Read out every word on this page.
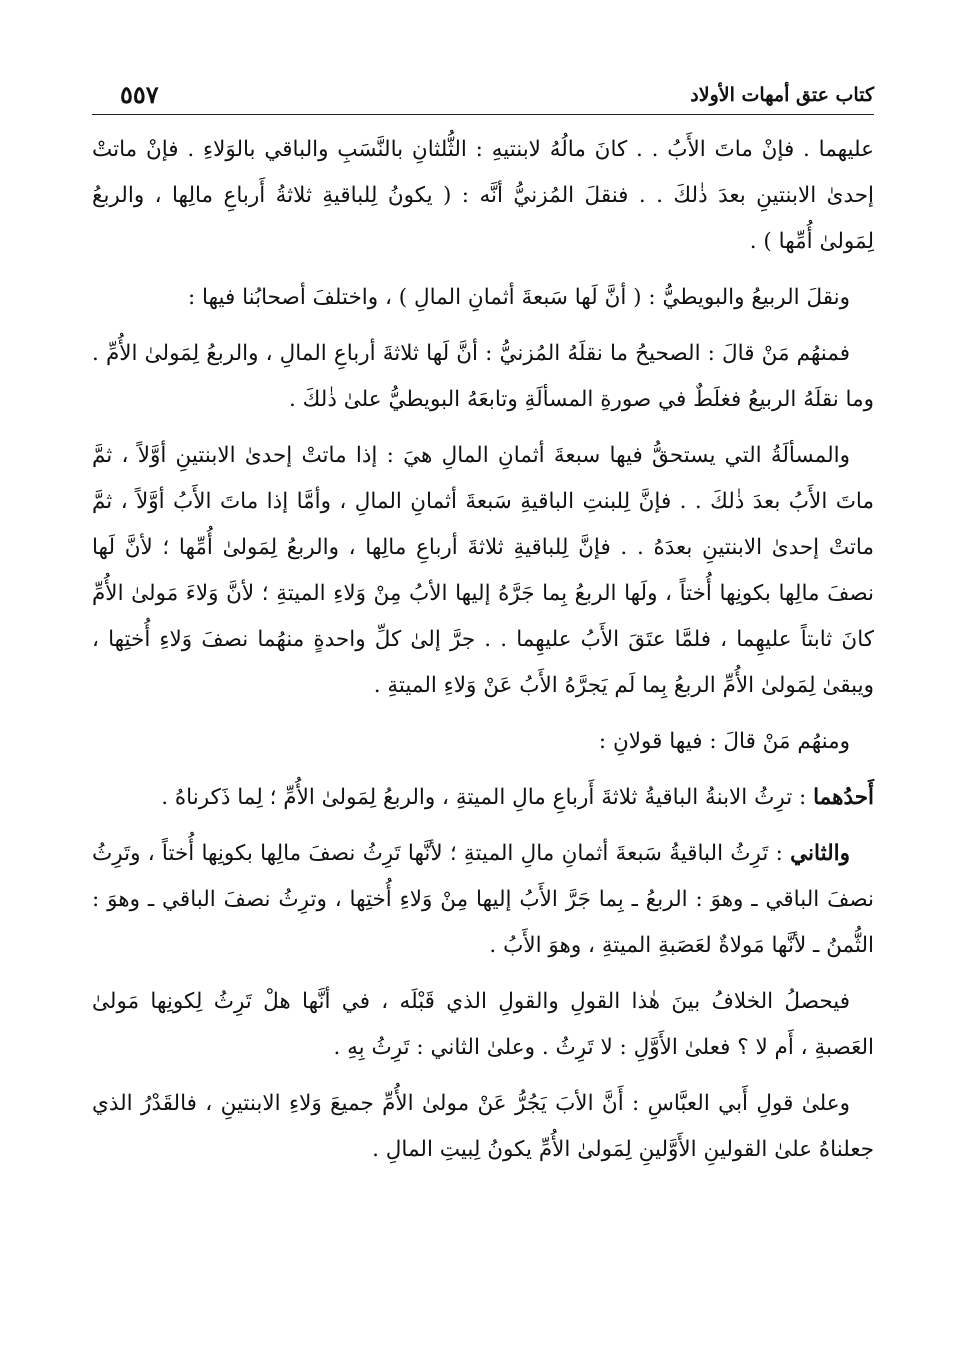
كتاب عتق أمهات الأولاد
٥٥٧

عليهما . فإنْ ماتَ الأَبُ . . كانَ مالُهُ لابنتيهِ : الثُّلثانِ بالنَّسَبِ والباقي بالوَلاءِ . فإنْ ماتتْ إحدىٰ الابنتينِ بعدَ ذٰلكَ . . فنقلَ المُزنيُّ أنَّه : ( يكونُ لِلباقيةِ ثلاثةُ أَرباعِ مالِها ، والربعُ لِمَولىٰ أُمِّها ) .

ونقلَ الربيعُ والبويطيُّ : ( أنَّ لَها سَبعةَ أثمانِ المالِ ) ، واختلفَ أصحابُنا فيها :

فمنهُم مَنْ قالَ : الصحيحُ ما نقلَهُ المُزنيُّ : أنَّ لَها ثلاثةَ أرباعِ المالِ ، والربعُ لِمَولىٰ الأُمِّ . وما نقلَهُ الربيعُ فغلَطٌ في صورةِ المسألَةِ وتابعَهُ البويطيُّ علىٰ ذٰلكَ .

والمسألَةُ التي يستحقُّ فيها سبعةَ أثمانِ المالِ هيَ : إذا ماتتْ إحدىٰ الابنتينِ أوَّلاً ، ثمَّ ماتَ الأَبُ بعدَ ذٰلكَ . . فإنَّ لِلبنتِ الباقيةِ سَبعةَ أثمانِ المالِ ، وأمَّا إذا ماتَ الأَبُ أوَّلاً ، ثمَّ ماتتْ إحدىٰ الابنتينِ بعدَهُ . . فإنَّ لِلباقيةِ ثلاثةَ أرباعِ مالِها ، والربعُ لِمَولىٰ أُمِّها ؛ لأنَّ لَها نصفَ مالِها بكونِها أُختاً ، ولَها الربعُ بِما جَرَّهُ إليها الأبُ مِنْ وَلاءِ الميتةِ ؛ لأنَّ وَلاءَ مَولىٰ الأُمِّ كانَ ثابتاً عليهِما ، فلمَّا عتَقَ الأَبُ عليهِما . . جرَّ إلىٰ كلِّ واحدةٍ منهُما نصفَ وَلاءِ أُختِها ، ويبقىٰ لِمَولىٰ الأُمِّ الربعُ بِما لَم يَجرَّهُ الأَبُ عَنْ وَلاءِ الميتةِ .

ومنهُم مَنْ قالَ : فيها قولانِ :

أَحدُهما : ترِثُ الابنةُ الباقيةُ ثلاثةَ أَرباعِ مالِ الميتةِ ، والربعُ لِمَولىٰ الأُمِّ ؛ لِما ذَكرناهُ .

والثاني : تَرِثُ الباقيةُ سَبعةَ أثمانِ مالِ الميتةِ ؛ لأنَّها تَرِثُ نصفَ مالِها بكونِها أُختاً ، وتَرِثُ نصفَ الباقي ـ وهوَ : الربعُ ـ بِما جَرَّ الأَبُ إليها مِنْ وَلاءِ أُختِها ، وترِثُ نصفَ الباقي ـ وهوَ : الثُّمنُ ـ لأنَّها مَولاةٌ لعَصَبةِ الميتةِ ، وهوَ الأَبُ .

فيحصلُ الخلافُ بينَ هٰذا القولِ والقولِ الذي قَبْلَه ، في أنَّها هلْ تَرِثُ لِكونِها مَولىٰ العَصبةِ ، أَم لا ؟ فعلىٰ الأَوَّلِ : لا تَرِثُ . وعلىٰ الثاني : تَرِثُ بِهِ .

وعلىٰ قولِ أَبي العبَّاسِ : أَنَّ الأبَ يَجُرُّ عَنْ مولىٰ الأُمِّ جميعَ وَلاءِ الابنتينِ ، فالقَدْرُ الذي جعلناهُ علىٰ القولينِ الأَوَّلينِ لِمَولىٰ الأُمِّ يكونُ لِبيتِ المالِ .
